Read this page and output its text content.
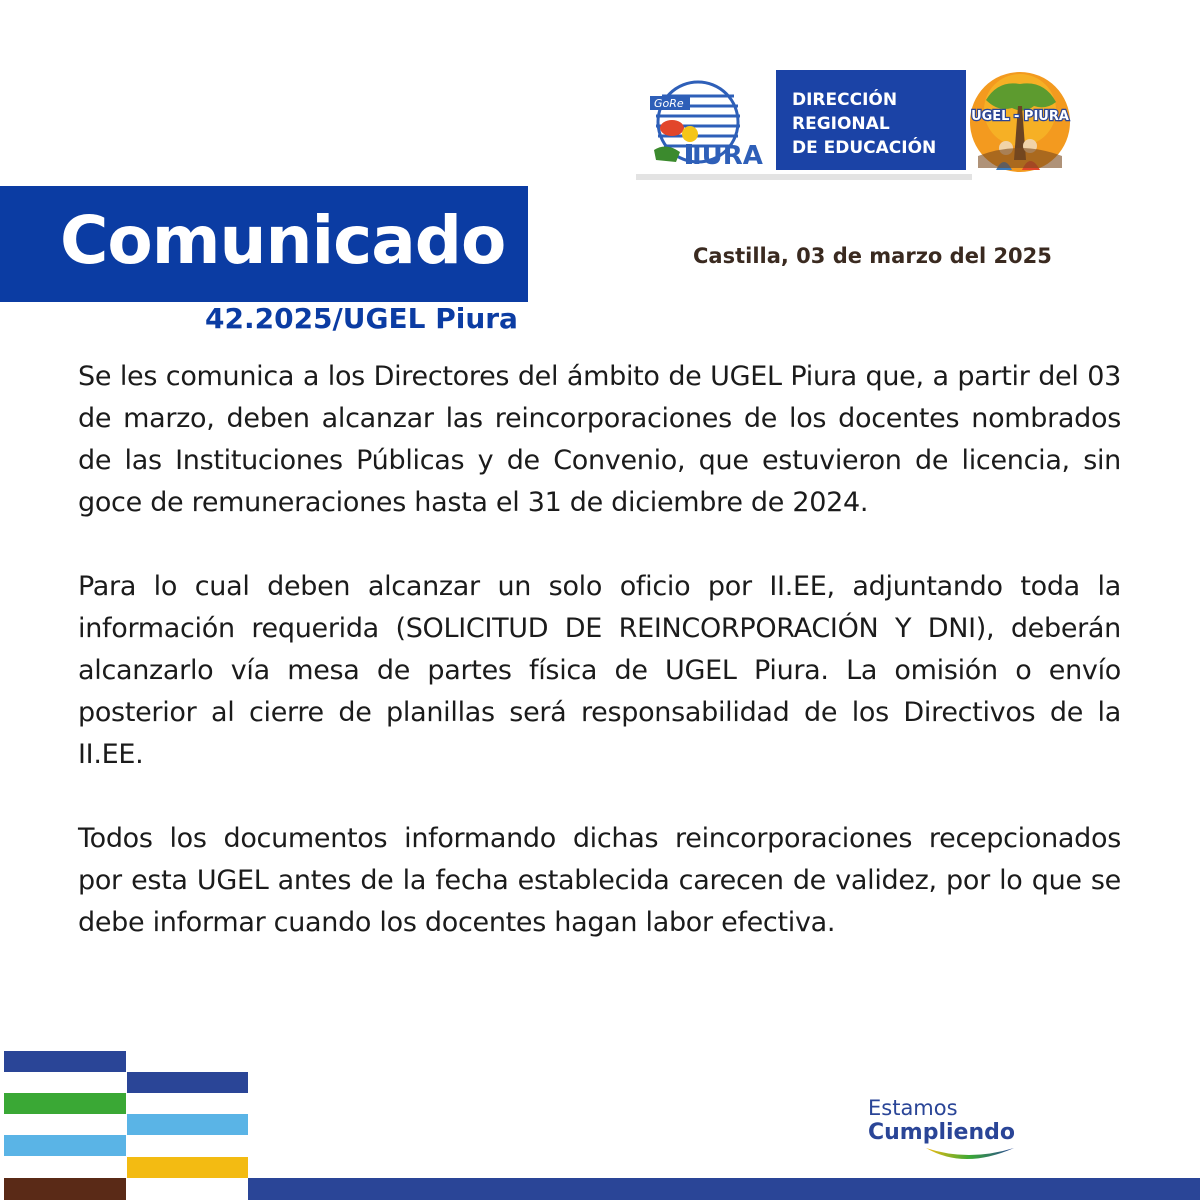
GoRe
IURA
DIRECCIÓN
REGIONAL
DE EDUCACIÓN
UGEL - PIURA
Comunicado
42.2025/UGEL Piura
Castilla, 03 de marzo del 2025

Se les comunica a los Directores del ámbito de UGEL Piura que, a partir del 03 de marzo, deben alcanzar las reincorporaciones de los docentes nombrados de las Instituciones Públicas y de Convenio, que estuvieron de licencia, sin goce de remuneraciones hasta el 31 de diciembre de 2024.

Para lo cual deben alcanzar un solo oficio por II.EE, adjuntando toda la información requerida (SOLICITUD DE REINCORPORACIÓN Y DNI), deberán alcanzarlo vía mesa de partes física de UGEL Piura. La omisión o envío posterior al cierre de planillas será responsabilidad de los Directivos de la II.EE.

Todos los documentos informando dichas reincorporaciones recepcionados por esta UGEL antes de la fecha establecida carecen de validez, por lo que se debe informar cuando los docentes hagan labor efectiva.

Estamos
Cumpliendo
